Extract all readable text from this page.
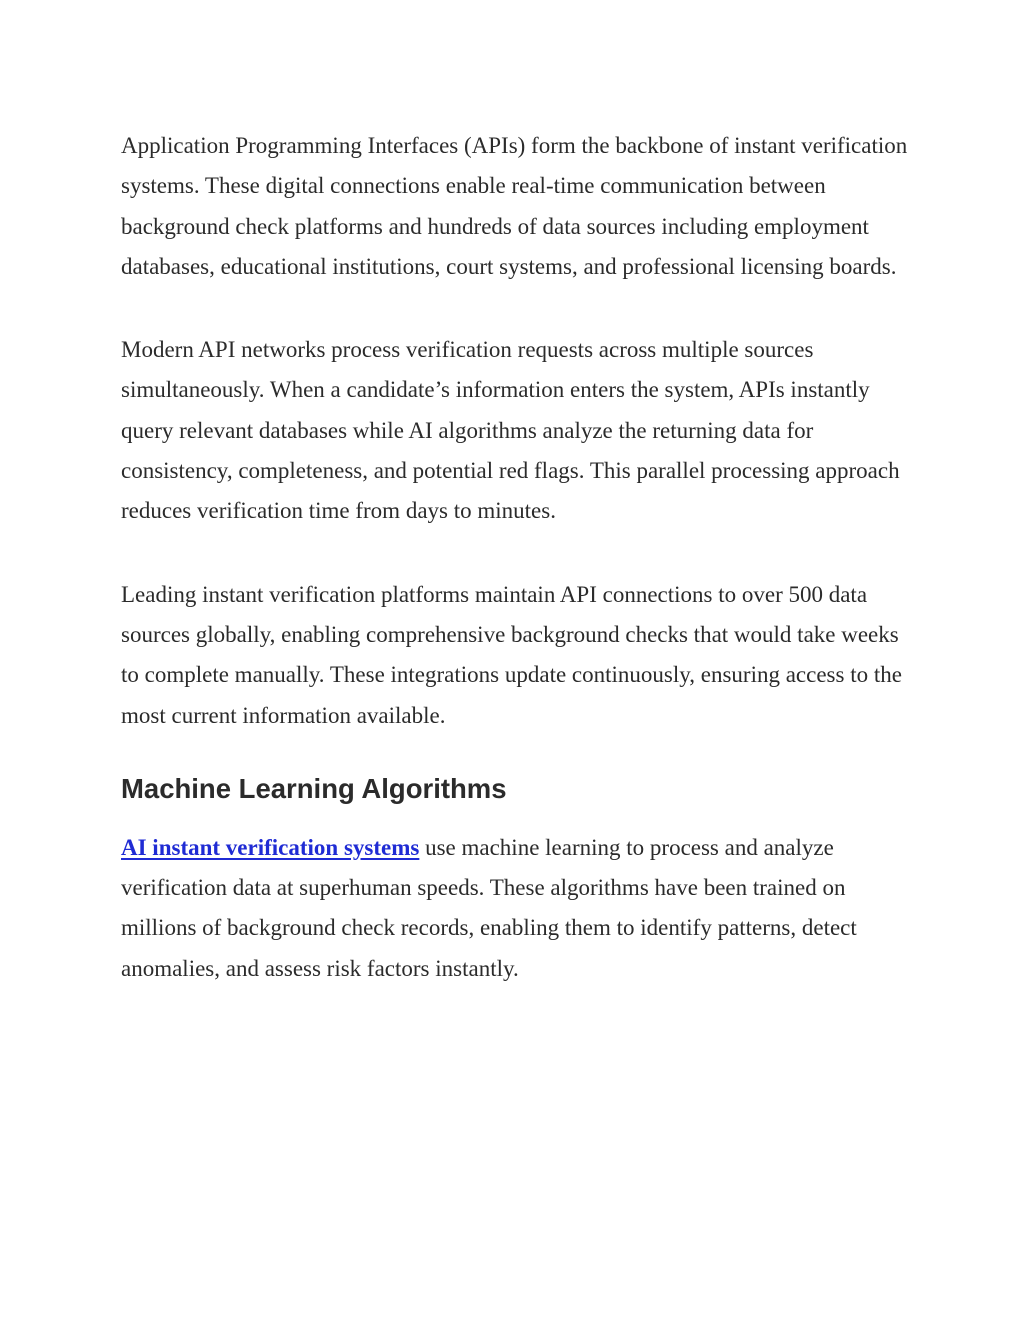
Application Programming Interfaces (APIs) form the backbone of instant verification systems. These digital connections enable real-time communication between background check platforms and hundreds of data sources including employment databases, educational institutions, court systems, and professional licensing boards.

Modern API networks process verification requests across multiple sources simultaneously. When a candidate’s information enters the system, APIs instantly query relevant databases while AI algorithms analyze the returning data for consistency, completeness, and potential red flags. This parallel processing approach reduces verification time from days to minutes.

Leading instant verification platforms maintain API connections to over 500 data sources globally, enabling comprehensive background checks that would take weeks to complete manually. These integrations update continuously, ensuring access to the most current information available.

Machine Learning Algorithms

AI instant verification systems use machine learning to process and analyze verification data at superhuman speeds. These algorithms have been trained on millions of background check records, enabling them to identify patterns, detect anomalies, and assess risk factors instantly.
